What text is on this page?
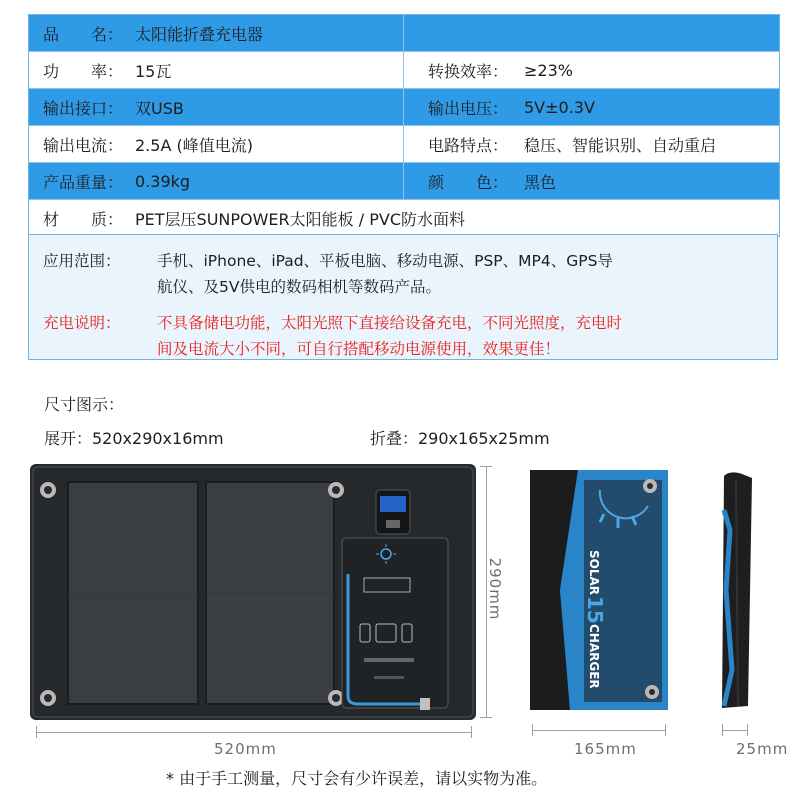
品　　名： 太阳能折叠充电器
功　　率： 15瓦	转换效率： ≥23%
输出接口： 双USB	输出电压： 5V±0.3V
输出电流： 2.5A (峰值电流)	电路特点： 稳压、智能识别、自动重启
产品重量： 0.39kg	颜　　色： 黑色
材　　质： PET层压SUNPOWER太阳能板 / PVC防水面料
应用范围： 手机、iPhone、iPad、平板电脑、移动电源、PSP、MP4、GPS导
航仪、及5V供电的数码相机等数码产品。
充电说明： 不具备储电功能，太阳光照下直接给设备充电，不同光照度，充电时
间及电流大小不同，可自行搭配移动电源使用，效果更佳！
尺寸图示：
展开：520x290x16mm	折叠：290x165x25mm
290mm
520mm
SOLAR
15
CHARGER
165mm	25mm
* 由于手工测量，尺寸会有少许误差，请以实物为准。
